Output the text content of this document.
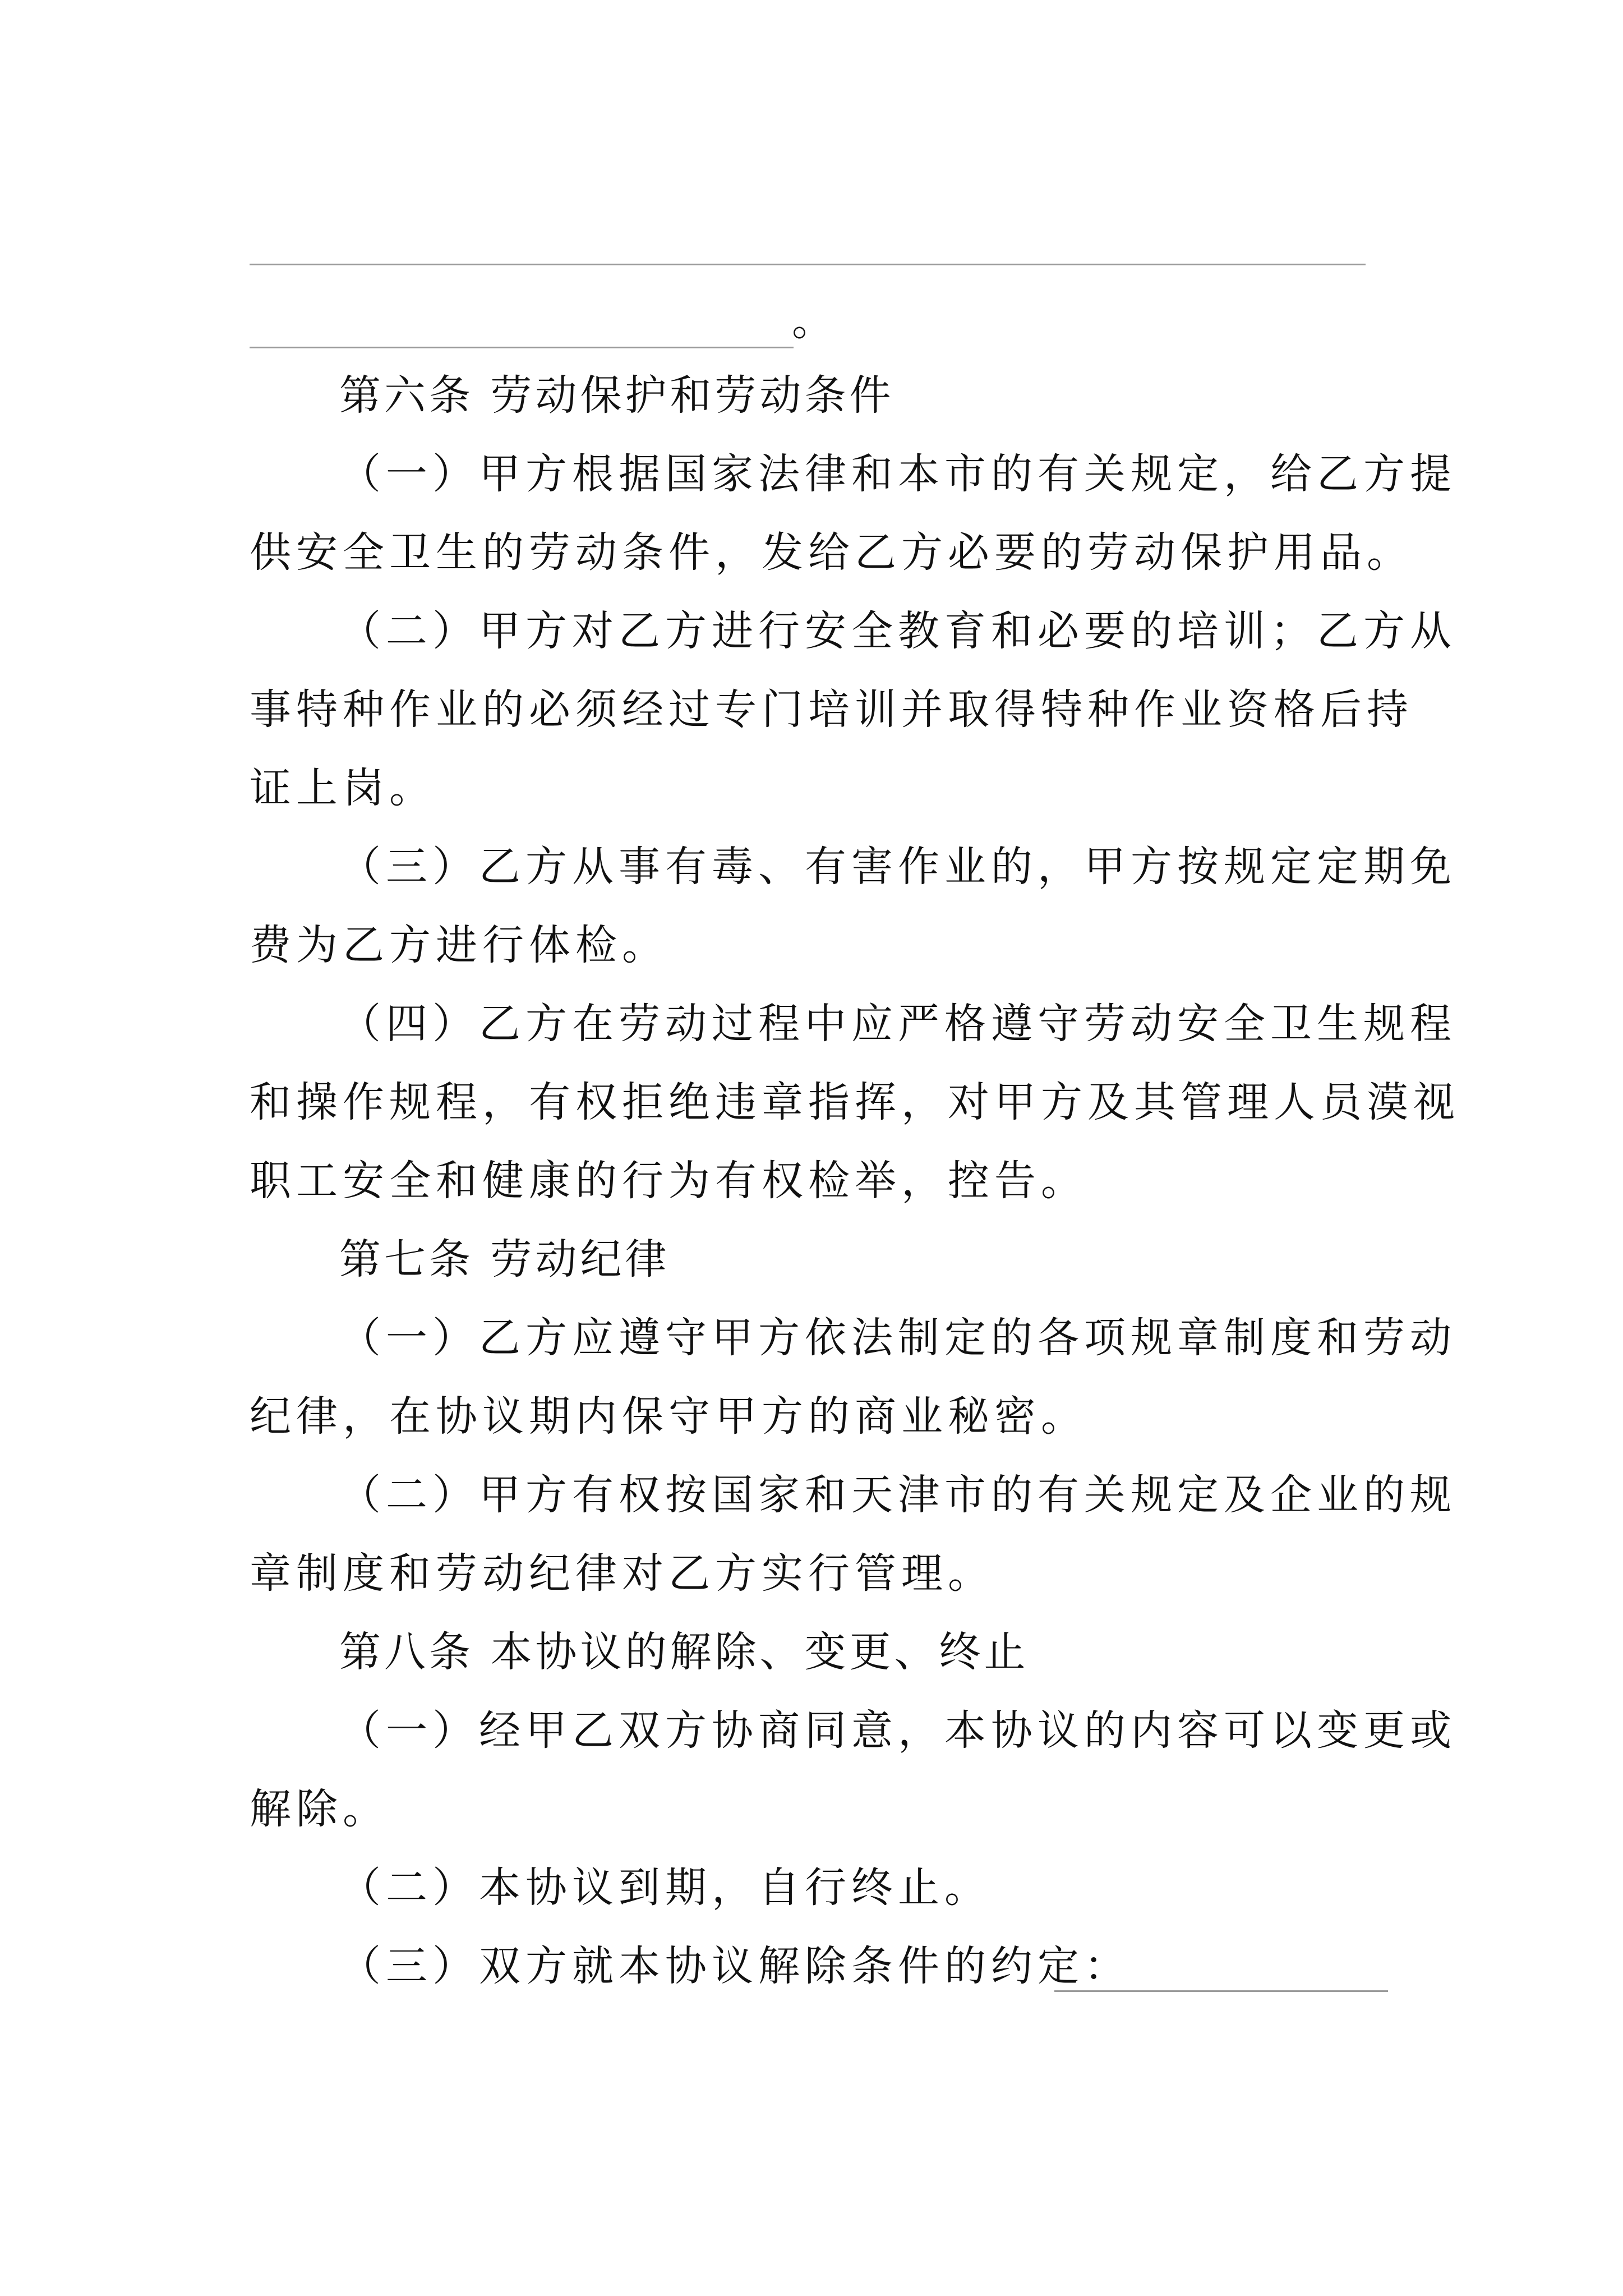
。
第六条 劳动保护和劳动条件
（一）甲方根据国家法律和本市的有关规定，给乙方提
供安全卫生的劳动条件，发给乙方必要的劳动保护用品。
（二）甲方对乙方进行安全教育和必要的培训；乙方从
事特种作业的必须经过专门培训并取得特种作业资格后持
证上岗。
（三）乙方从事有毒、有害作业的，甲方按规定定期免
费为乙方进行体检。
（四）乙方在劳动过程中应严格遵守劳动安全卫生规程
和操作规程，有权拒绝违章指挥，对甲方及其管理人员漠视
职工安全和健康的行为有权检举，控告。
第七条 劳动纪律
（一）乙方应遵守甲方依法制定的各项规章制度和劳动
纪律，在协议期内保守甲方的商业秘密。
（二）甲方有权按国家和天津市的有关规定及企业的规
章制度和劳动纪律对乙方实行管理。
第八条 本协议的解除、变更、终止
（一）经甲乙双方协商同意，本协议的内容可以变更或
解除。
（二）本协议到期，自行终止。
（三）双方就本协议解除条件的约定：
